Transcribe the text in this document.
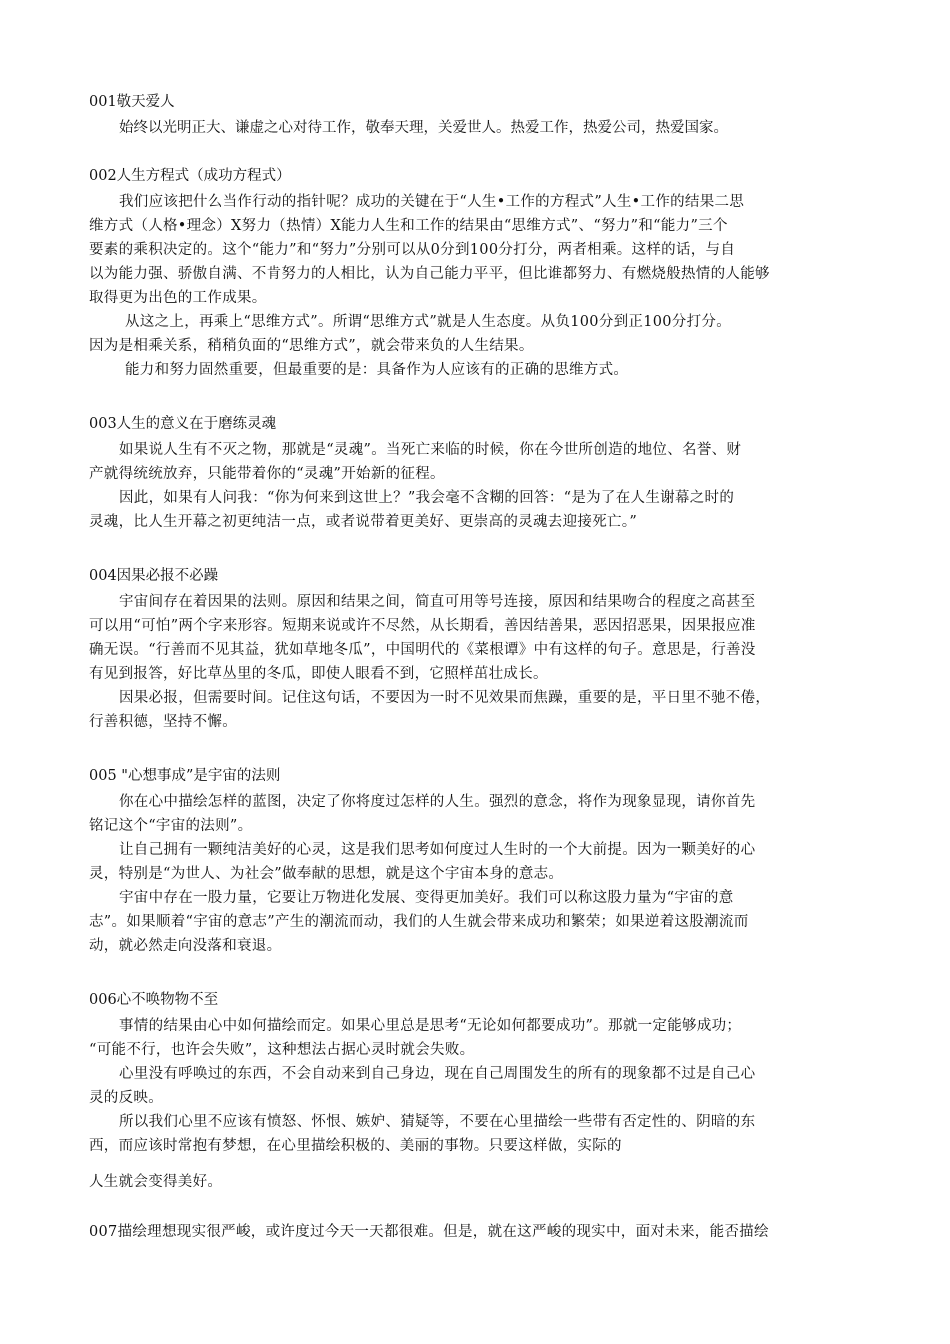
001敬天爱人
始终以光明正大、谦虚之心对待工作，敬奉天理，关爱世人。热爱工作，热爱公司，热爱国家。
002人生方程式（成功方程式）
我们应该把什么当作行动的指针呢？成功的关键在于“人生•工作的方程式”人生•工作的结果二思
维方式（人格•理念）X努力（热情）X能力人生和工作的结果由“思维方式”、“努力”和“能力”三个
要素的乘积决定的。这个“能力”和“努力”分别可以从0分到100分打分，两者相乘。这样的话，与自
以为能力强、骄傲自满、不肯努力的人相比，认为自己能力平平，但比谁都努力、有燃烧般热情的人能够
取得更为出色的工作成果。
从这之上，再乘上“思维方式”。所谓“思维方式”就是人生态度。从负100分到正100分打分。
因为是相乘关系，稍稍负面的“思维方式”，就会带来负的人生结果。
能力和努力固然重要，但最重要的是：具备作为人应该有的正确的思维方式。
003人生的意义在于磨练灵魂
如果说人生有不灭之物，那就是“灵魂”。当死亡来临的时候，你在今世所创造的地位、名誉、财
产就得统统放弃，只能带着你的“灵魂”开始新的征程。
因此，如果有人问我：“你为何来到这世上？”我会毫不含糊的回答：“是为了在人生谢幕之时的
灵魂，比人生开幕之初更纯洁一点，或者说带着更美好、更崇高的灵魂去迎接死亡。”
004因果必报不必躁
宇宙间存在着因果的法则。原因和结果之间，简直可用等号连接，原因和结果吻合的程度之高甚至
可以用“可怕”两个字来形容。短期来说或许不尽然，从长期看，善因结善果，恶因招恶果，因果报应准
确无误。“行善而不见其益，犹如草地冬瓜”，中国明代的《菜根谭》中有这样的句子。意思是，行善没
有见到报答，好比草丛里的冬瓜，即使人眼看不到，它照样茁壮成长。
因果必报，但需要时间。记住这句话，不要因为一时不见效果而焦躁，重要的是，平日里不驰不倦，
行善积德，坚持不懈。
005 "心想事成”是宇宙的法则
你在心中描绘怎样的蓝图，决定了你将度过怎样的人生。强烈的意念，将作为现象显现，请你首先
铭记这个“宇宙的法则”。
让自己拥有一颗纯洁美好的心灵，这是我们思考如何度过人生时的一个大前提。因为一颗美好的心
灵，特别是“为世人、为社会”做奉献的思想，就是这个宇宙本身的意志。
宇宙中存在一股力量，它要让万物进化发展、变得更加美好。我们可以称这股力量为“宇宙的意
志”。如果顺着“宇宙的意志”产生的潮流而动，我们的人生就会带来成功和繁荣；如果逆着这股潮流而
动，就必然走向没落和衰退。
006心不唤物物不至
事情的结果由心中如何描绘而定。如果心里总是思考“无论如何都要成功”。那就一定能够成功；
“可能不行，也许会失败”，这种想法占据心灵时就会失败。
心里没有呼唤过的东西，不会自动来到自己身边，现在自己周围发生的所有的现象都不过是自己心
灵的反映。
所以我们心里不应该有愤怒、怀恨、嫉妒、猜疑等，不要在心里描绘一些带有否定性的、阴暗的东
西，而应该时常抱有梦想，在心里描绘积极的、美丽的事物。只要这样做，实际的
人生就会变得美好。
007描绘理想现实很严峻，或许度过今天一天都很难。但是，就在这严峻的现实中，面对未来，能否描绘
